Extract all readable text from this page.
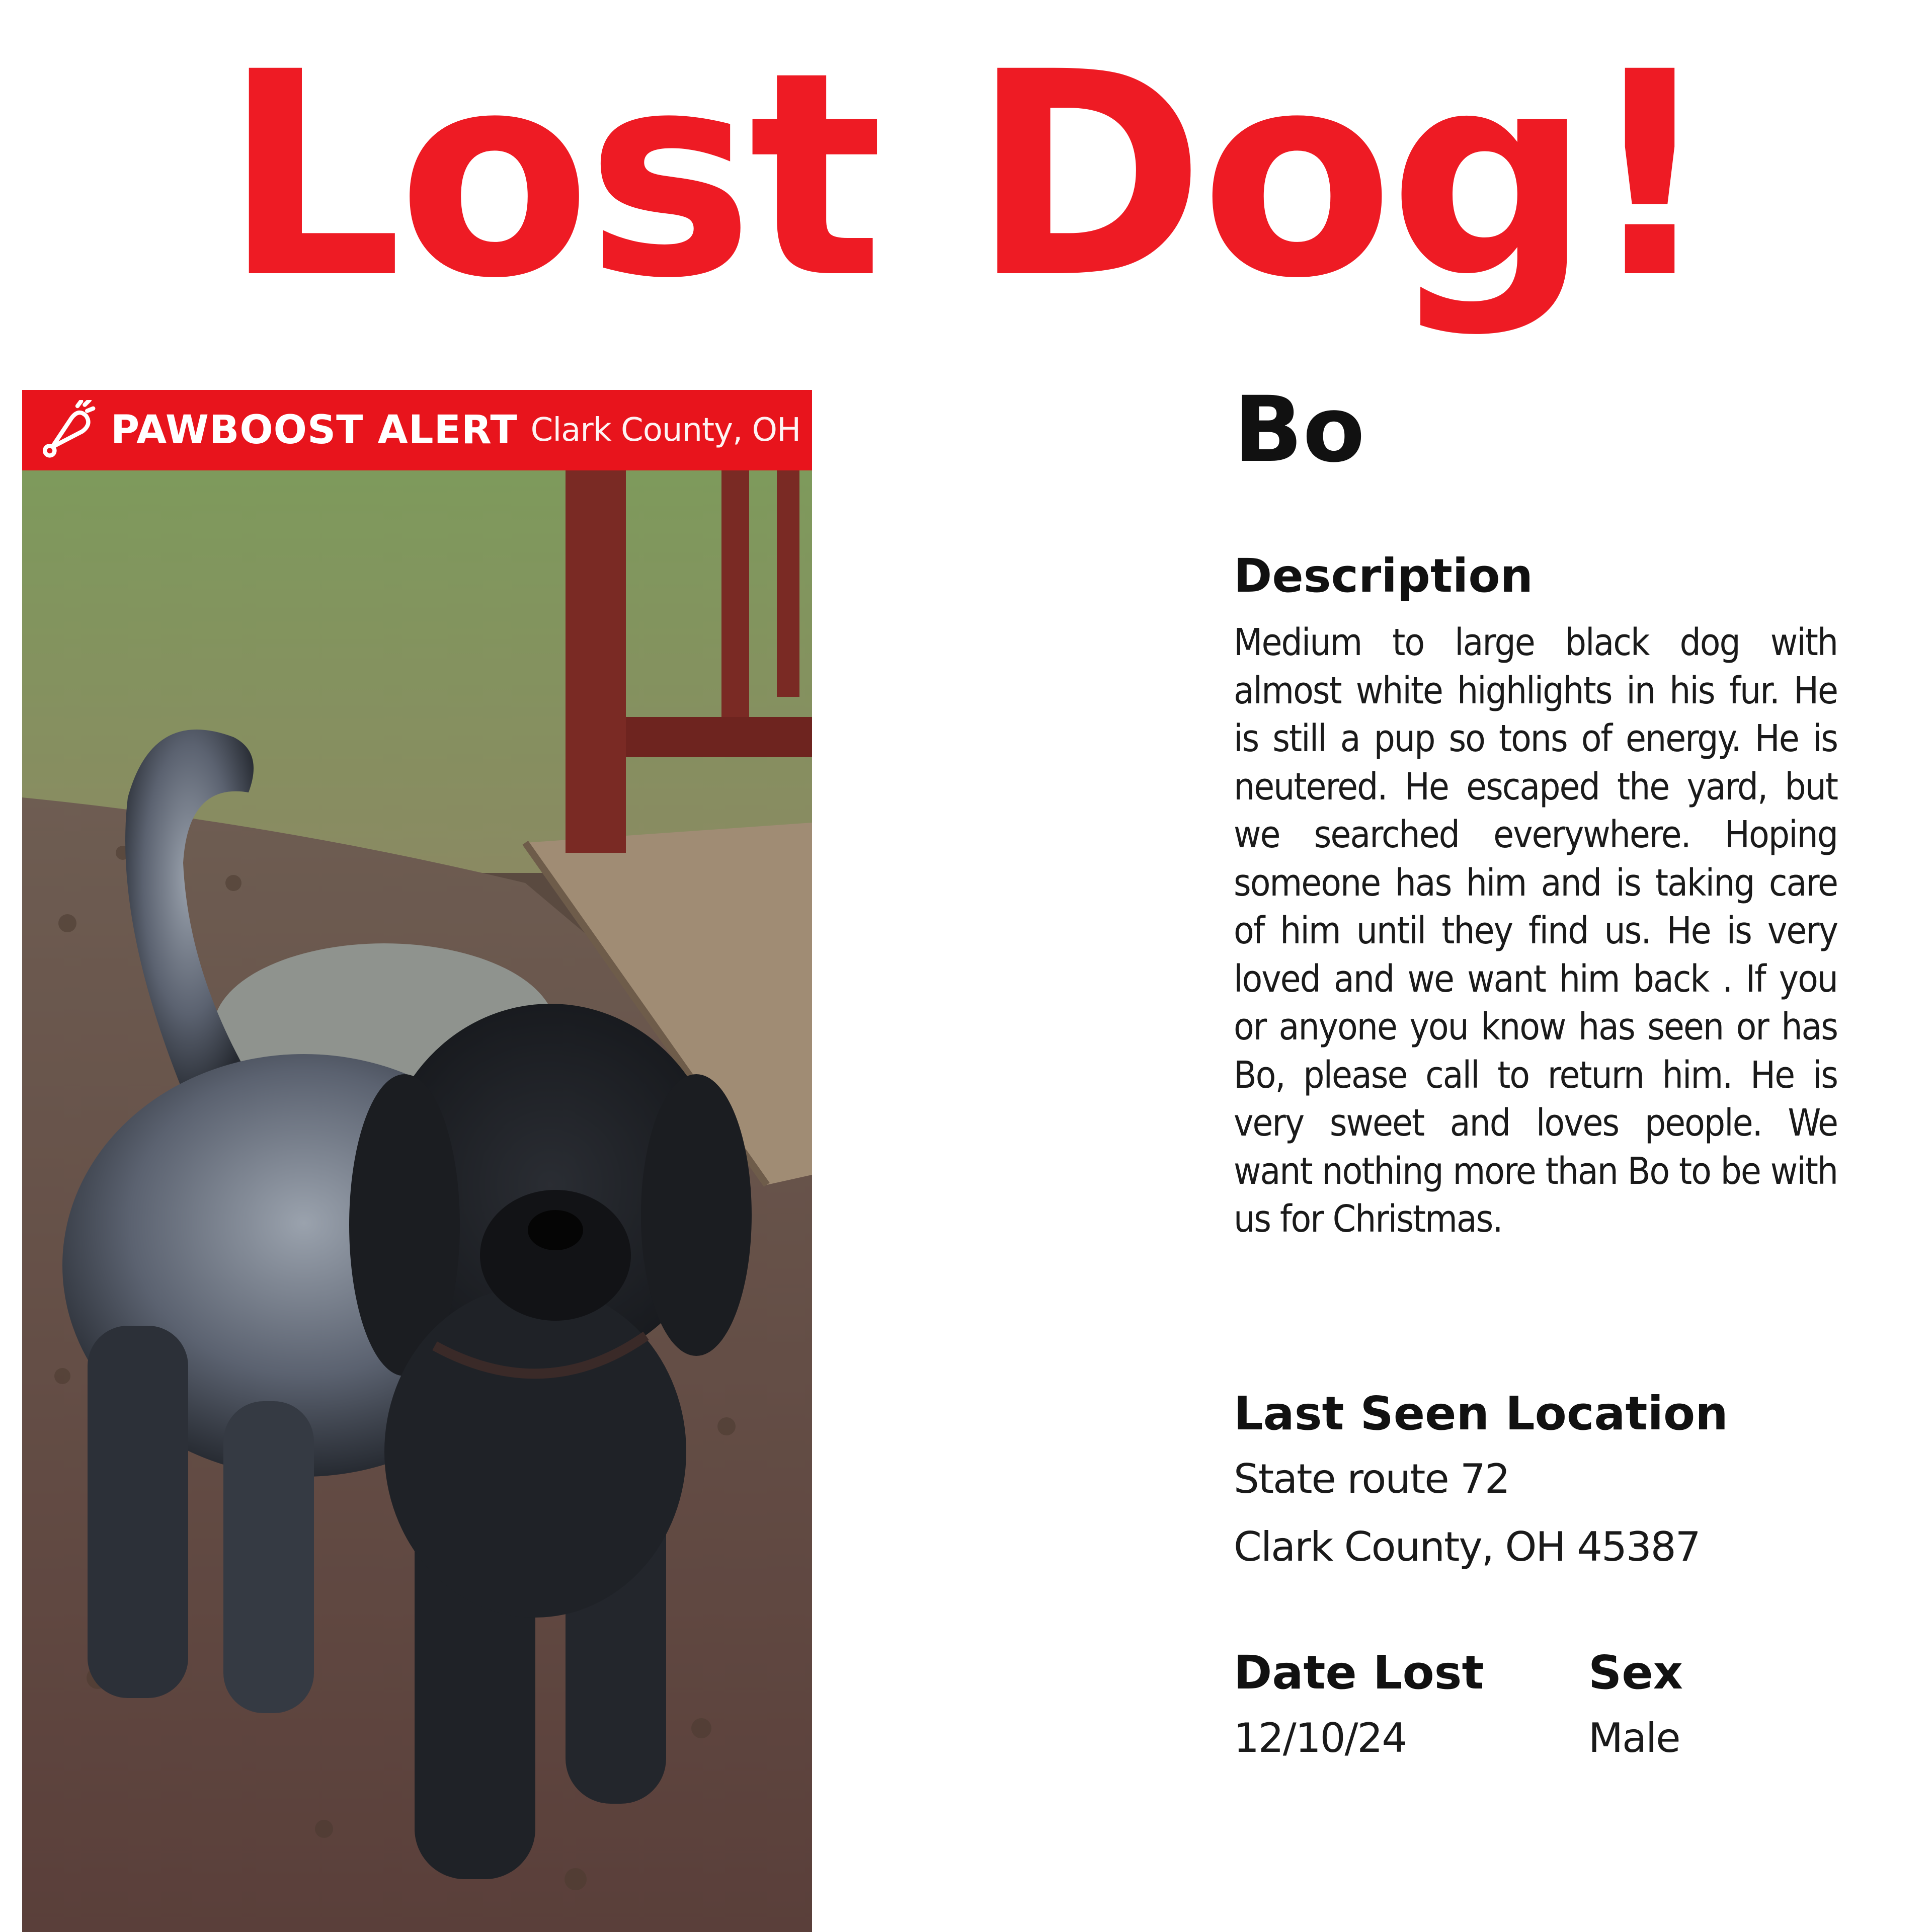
Lost Dog!
PAWBOOST ALERT Clark County, OH	Bo
Description
Medium to large black dog with almost white highlights in his fur. He is still a pup so tons of energy. He is neutered. He escaped the yard, but we searched everywhere. Hoping someone has him and is taking care of him until they find us. He is very loved and we want him back . If you or anyone you know has seen or has Bo, please call to return him. He is very sweet and loves people. We want nothing more than Bo to be with us for Christmas.
Last Seen Location
State route 72
Clark County, OH 45387
Date Lost
12/10/24
Sex
Male
